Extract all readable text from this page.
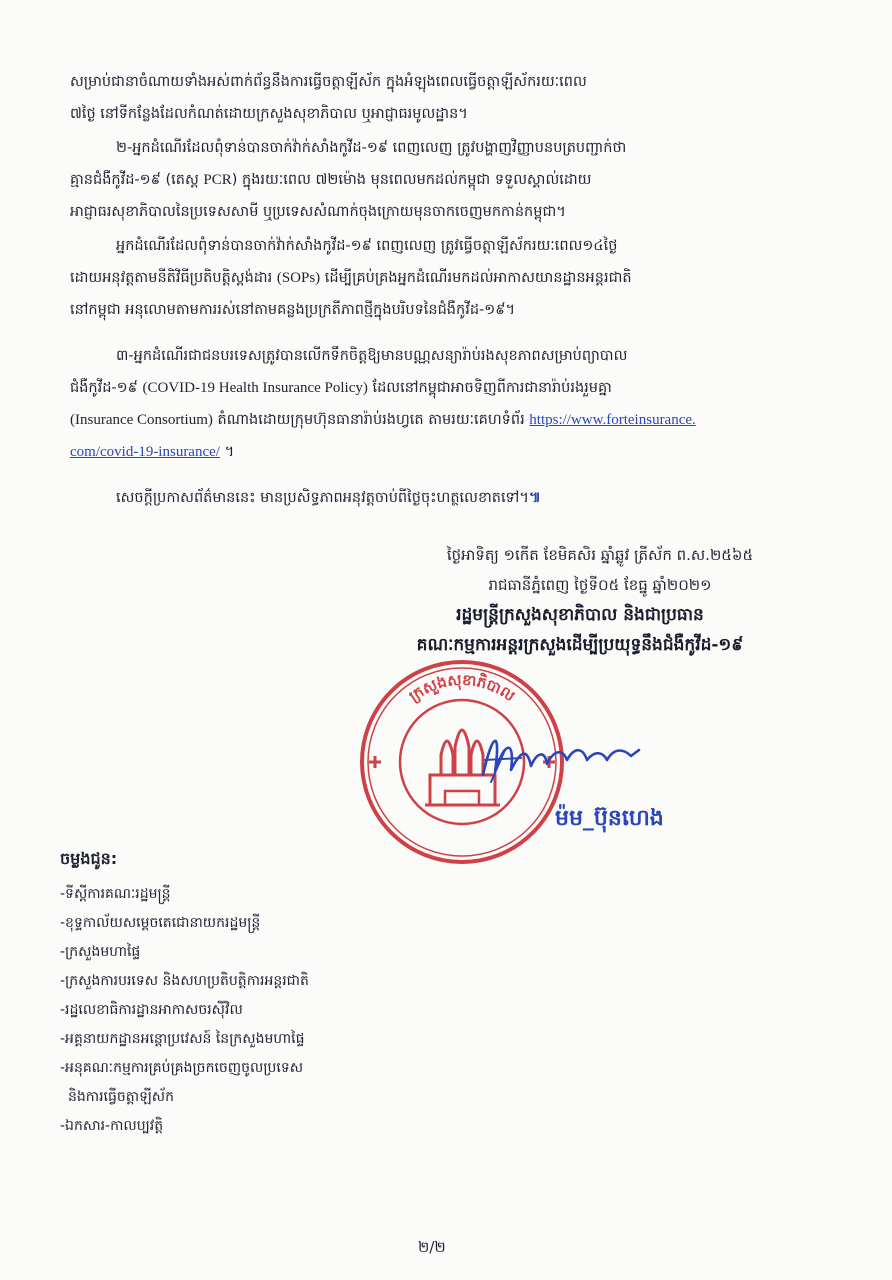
សម្រាប់ជានាចំណាយទាំងអស់ពាក់ព័ន្ធនឹងការធ្វើចត្តាឡីស័ក ក្នុងអំឡុងពេលធ្វើចត្តាឡីស័ករយៈពេល
៧ថ្ងៃ នៅទីកន្លែងដែលកំណត់ដោយក្រសួងសុខាភិបាល ឬអាជ្ញាធរមូលដ្ឋាន។
២-អ្នកដំណើរដែលពុំទាន់បានចាក់វ៉ាក់សាំងកូវីដ-១៩ ពេញលេញ ត្រូវបង្ហាញវិញ្ញាបនបត្របញ្ជាក់ថា
គ្មានជំងឺកូវីដ-១៩ (តេស្ត PCR) ក្នុងរយៈពេល ៧២ម៉ោង មុនពេលមកដល់កម្ពុជា ទទួលស្គាល់ដោយ
អាជ្ញាធរសុខាភិបាលនៃប្រទេសសាមី ឬប្រទេសសំណាក់ចុងក្រោយមុនចាកចេញមកកាន់កម្ពុជា។
អ្នកដំណើរដែលពុំទាន់បានចាក់វ៉ាក់សាំងកូវីដ-១៩ ពេញលេញ ត្រូវធ្វើចត្តាឡីស័ករយៈពេល១៤ថ្ងៃ
ដោយអនុវត្តតាមនីតិវិធីប្រតិបត្តិស្តង់ដារ (SOPs) ដើម្បីគ្រប់គ្រងអ្នកដំណើរមកដល់អាកាសយានដ្ឋានអន្តរជាតិ
នៅកម្ពុជា អនុលោមតាមការរស់នៅតាមគន្លងប្រក្រតីភាពថ្មីក្នុងបរិបទនៃជំងឺកូវីដ-១៩។
៣-អ្នកដំណើរជាជនបរទេសត្រូវបានលើកទឹកចិត្តឱ្យមានបណ្ណសន្យារ៉ាប់រងសុខភាពសម្រាប់ព្យាបាល
ជំងឺកូវីដ-១៩ (COVID-19 Health Insurance Policy) ដែលនៅកម្ពុជាអាចទិញពីការជានារ៉ាប់រងរួមគ្នា
(Insurance Consortium) តំណាងដោយក្រុមហ៊ុនធានារ៉ាប់រងហ្វតេ តាមរយៈគេហទំព័រ https://www.forteinsurance.
com/covid-19-insurance/ ។
សេចក្តីប្រកាសព័ត៌មាននេះ មានប្រសិទ្ធភាពអនុវត្តចាប់ពីថ្ងៃចុះហត្ថលេខាតទៅ។៕
ថ្ងៃអាទិត្យ ១កើត ខែមិគសិរ ឆ្នាំឆ្លូវ ត្រីស័ក ព.ស.២៥៦៥
រាជធានីភ្នំពេញ ថ្ងៃទី០៥ ខែធ្នូ ឆ្នាំ២០២១
រដ្ឋមន្ត្រីក្រសួងសុខាភិបាល និងជាប្រធាន
គណៈកម្មការអន្តរក្រសួងដើម្បីប្រយុទ្ធនឹងជំងឺកូវីដ-១៩
ក្រសួងសុខាភិបាល
ម៉ម_ប៊ុនហេង
ចម្លងជូន:
-ទីស្តីការគណៈរដ្ឋមន្ត្រី
-ខុទ្ទកាល័យសម្តេចតេជោនាយករដ្ឋមន្ត្រី
-ក្រសួងមហាផ្ទៃ
-ក្រសួងការបរទេស និងសហប្រតិបត្តិការអន្តរជាតិ
-រដ្ឋលេខាធិការដ្ឋានអាកាសចរស៊ីវិល
-អគ្គនាយកដ្ឋានអន្តោប្រវេសន៍ នៃក្រសួងមហាផ្ទៃ
-អនុគណៈកម្មការគ្រប់គ្រងច្រកចេញចូលប្រទេស
និងការធ្វើចត្តាឡីស័ក
-ឯកសារ-កាលប្បវត្តិ
២/២
